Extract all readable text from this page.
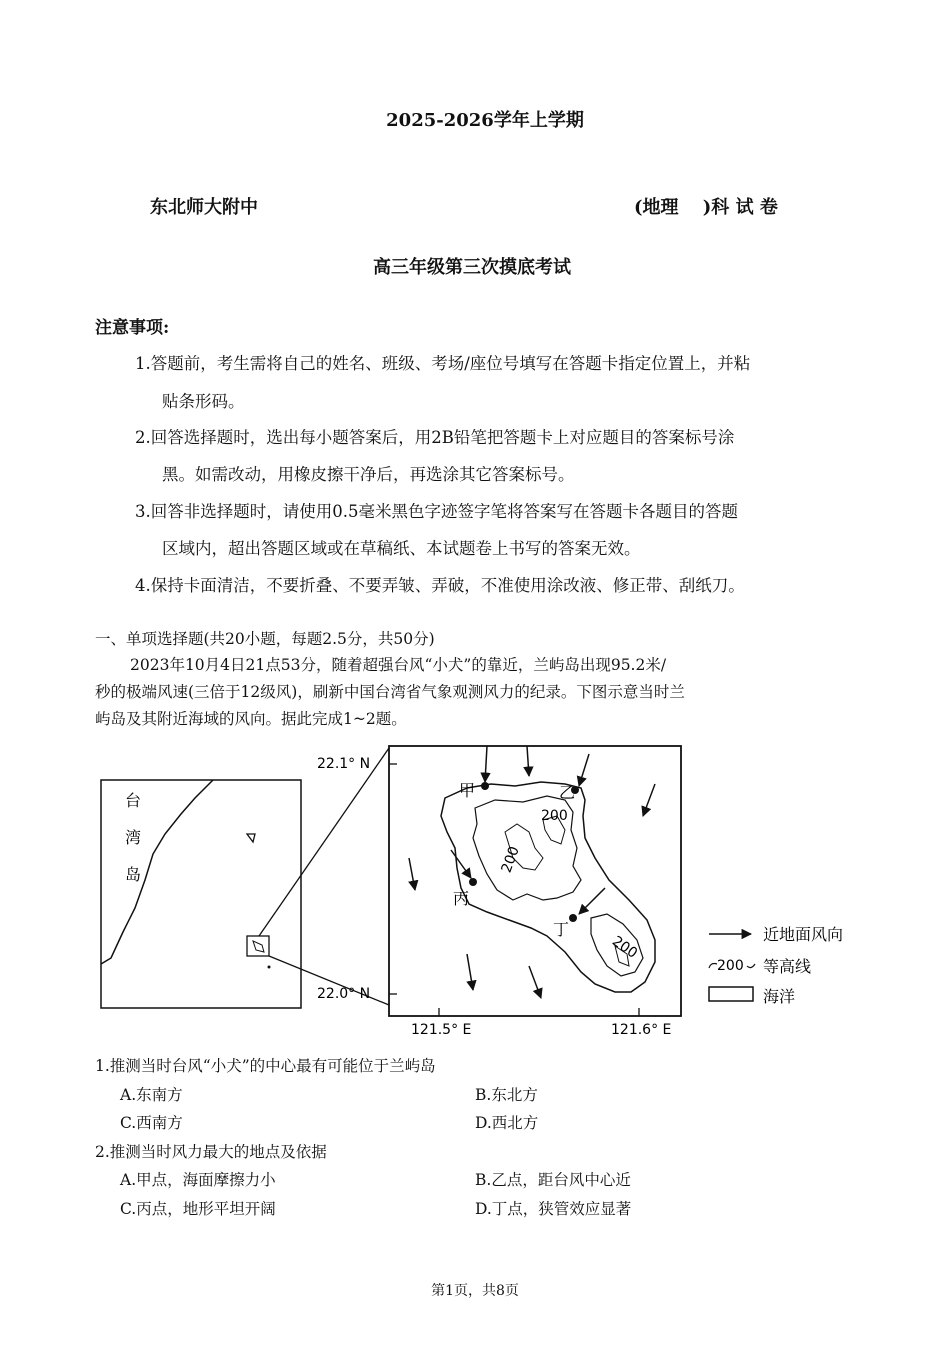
2025-2026学年上学期
东北师大附中	(地理　 )科 试 卷
高三年级第三次摸底考试
注意事项:
1.答题前，考生需将自己的姓名、班级、考场/座位号填写在答题卡指定位置上，并粘
贴条形码。
2.回答选择题时，选出每小题答案后，用2B铅笔把答题卡上对应题目的答案标号涂
黑。如需改动，用橡皮擦干净后，再选涂其它答案标号。
3.回答非选择题时，请使用0.5毫米黑色字迹签字笔将答案写在答题卡各题目的答题
区域内，超出答题区域或在草稿纸、本试题卷上书写的答案无效。
4.保持卡面清洁，不要折叠、不要弄皱、弄破，不准使用涂改液、修正带、刮纸刀。
一、单项选择题(共20小题，每题2.5分，共50分)
2023年10月4日21点53分，随着超强台风“小犬”的靠近，兰屿岛出现95.2米/
秒的极端风速(三倍于12级风)，刷新中国台湾省气象观测风力的纪录。下图示意当时兰
屿岛及其附近海域的风向。据此完成1~2题。
台
湾
岛
200
200
200
甲	乙
丙
丁
22.1° N
22.0° N
121.5° E	121.6° E
近地面风向
200 等高线
海洋
1.推测当时台风“小犬”的中心最有可能位于兰屿岛
A.东南方	B.东北方
C.西南方	D.西北方
2.推测当时风力最大的地点及依据
A.甲点，海面摩擦力小	B.乙点，距台风中心近
C.丙点，地形平坦开阔	D.丁点，狭管效应显著
第1页，共8页
